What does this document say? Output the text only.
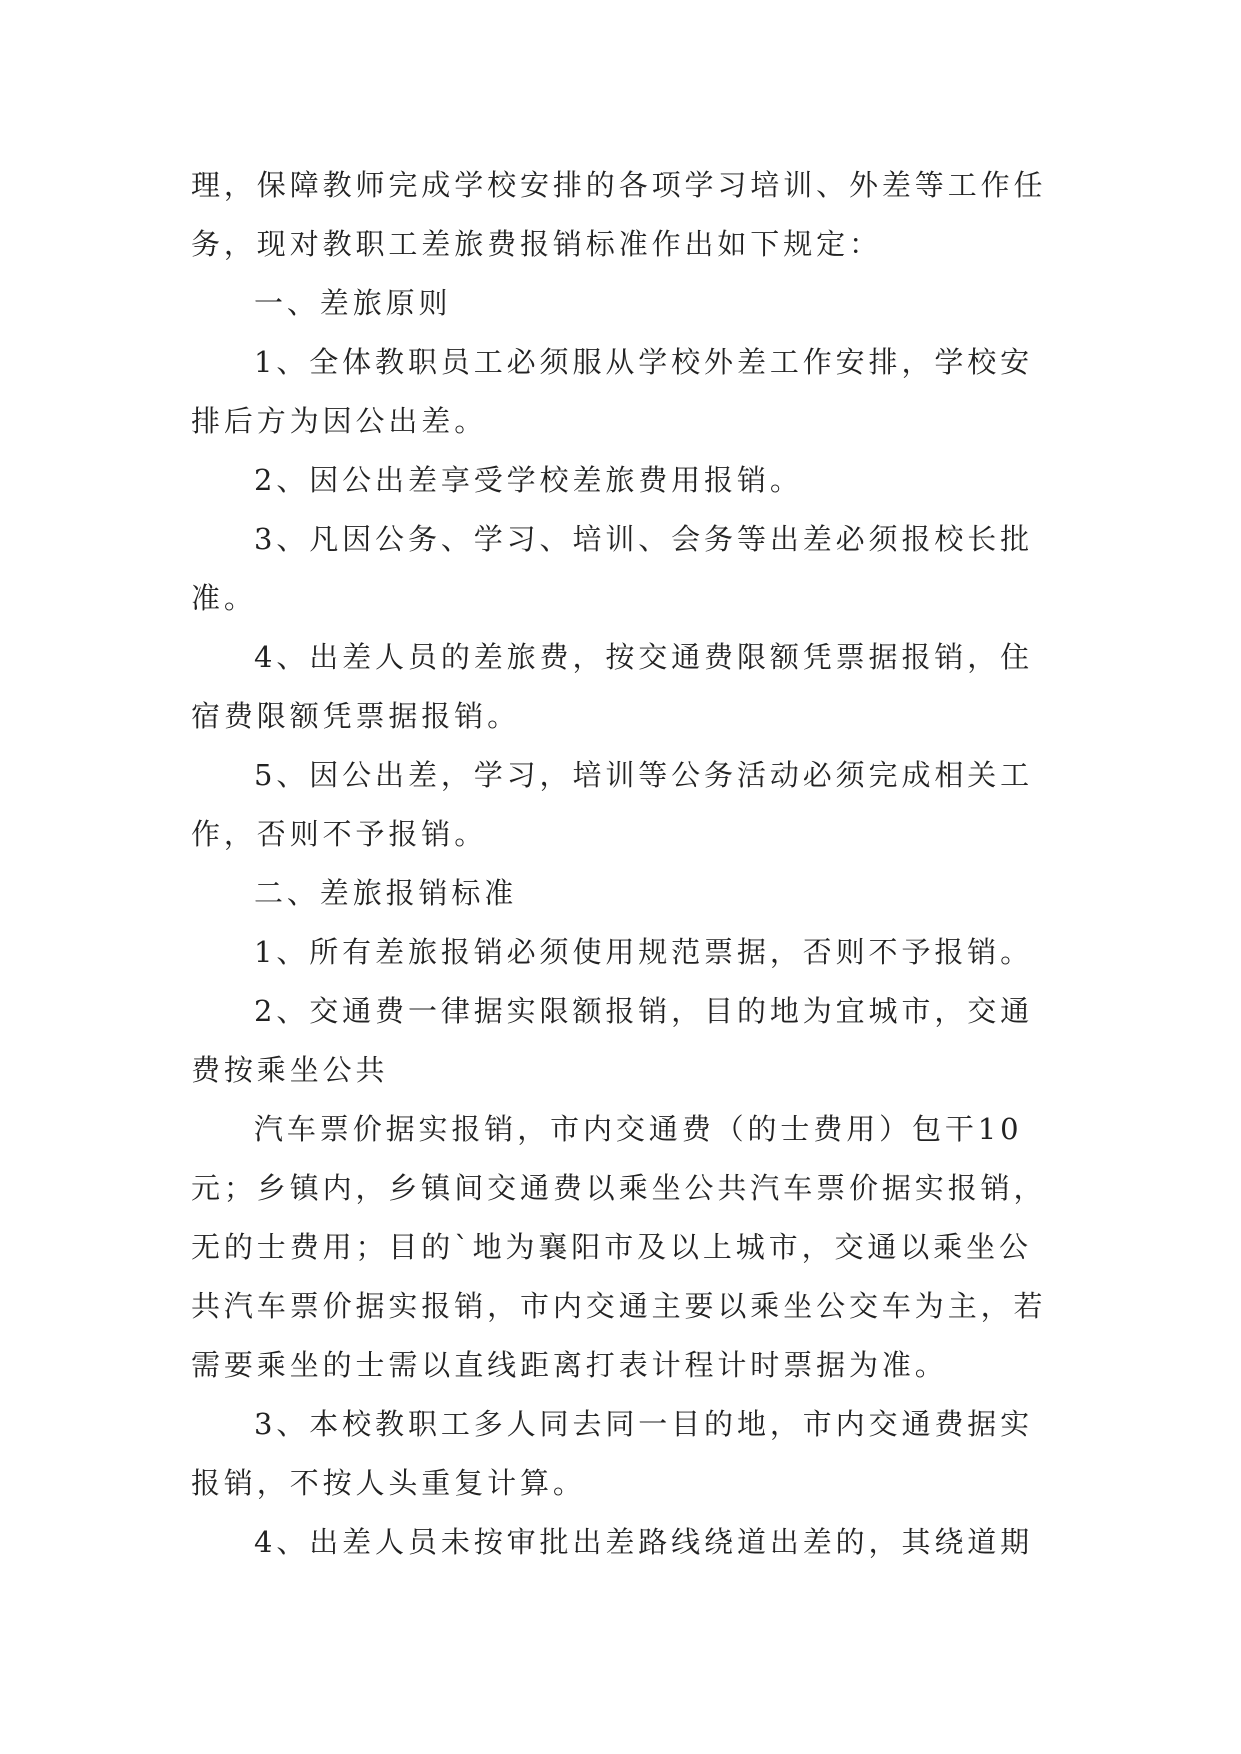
理，保障教师完成学校安排的各项学习培训、外差等工作任
务，现对教职工差旅费报销标准作出如下规定：
一、差旅原则
1、全体教职员工必须服从学校外差工作安排，学校安
排后方为因公出差。
2、因公出差享受学校差旅费用报销。
3、凡因公务、学习、培训、会务等出差必须报校长批
准。
4、出差人员的差旅费，按交通费限额凭票据报销，住
宿费限额凭票据报销。
5、因公出差，学习，培训等公务活动必须完成相关工
作，否则不予报销。
二、差旅报销标准
1、所有差旅报销必须使用规范票据，否则不予报销。
2、交通费一律据实限额报销，目的地为宜城市，交通
费按乘坐公共
汽车票价据实报销，市内交通费（的士费用）包干10
元；乡镇内，乡镇间交通费以乘坐公共汽车票价据实报销，
无的士费用；目的`地为襄阳市及以上城市，交通以乘坐公
共汽车票价据实报销，市内交通主要以乘坐公交车为主，若
需要乘坐的士需以直线距离打表计程计时票据为准。
3、本校教职工多人同去同一目的地，市内交通费据实
报销，不按人头重复计算。
4、出差人员未按审批出差路线绕道出差的，其绕道期
